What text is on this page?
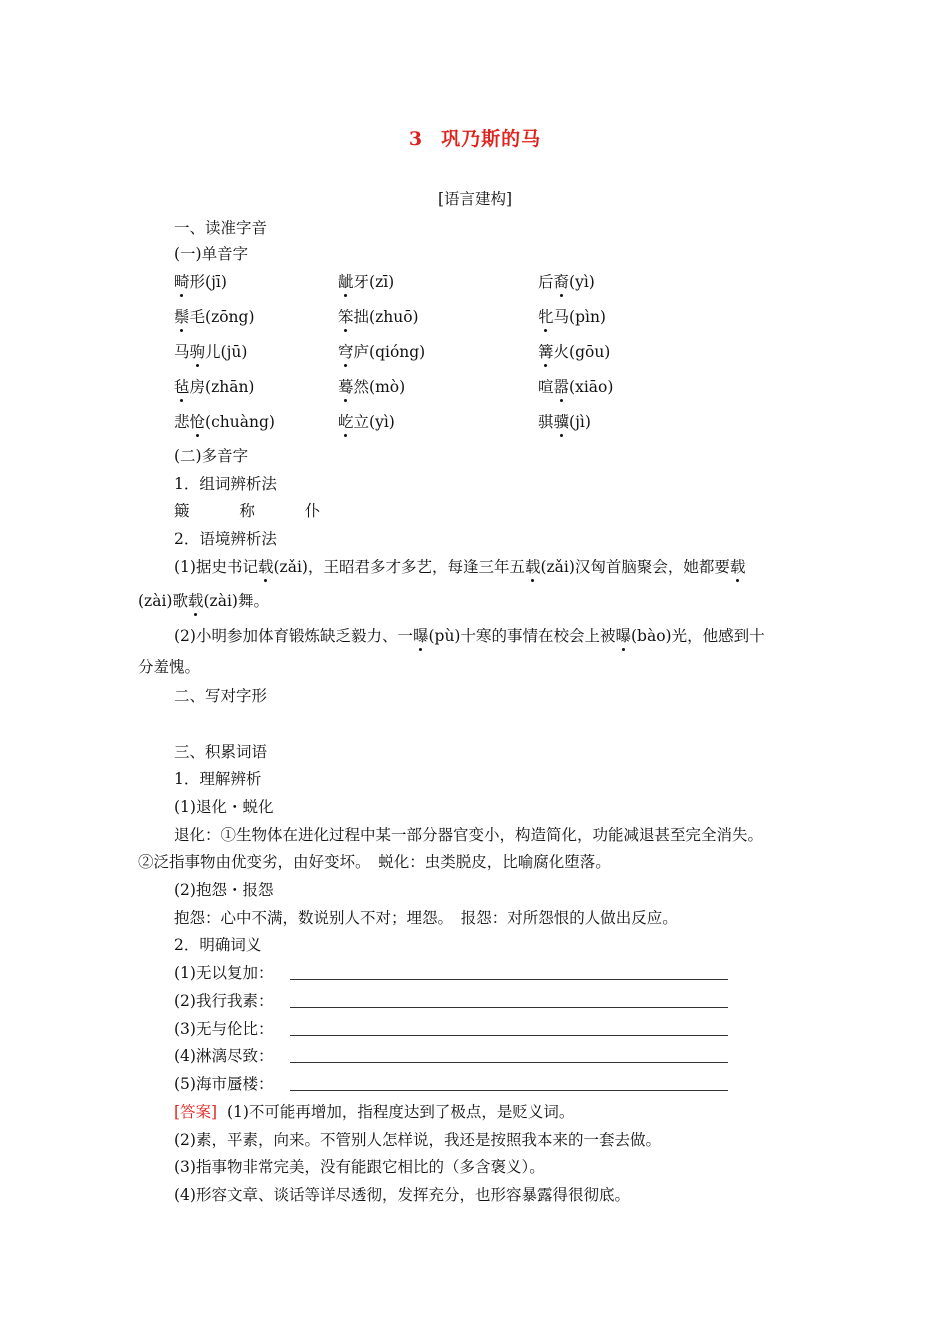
3 巩乃斯的马
[语言建构]
一、读准字音
(一)单音字
畸形(jī)	龇牙(zī)	后裔(yì)
鬃毛(zōng)	笨拙(zhuō)	牝马(pìn)
马驹儿(jū)	穹庐(qióng)	篝火(gōu)
毡房(zhān)	蓦然(mò)	喧嚣(xiāo)
悲怆(chuàng)	屹立(yì)	骐骥(jì)
(二)多音字
1．组词辨析法
簸	称	仆
2．语境辨析法
(1)据史书记载(zǎi)，王昭君多才多艺，每逢三年五载(zǎi)汉匈首脑聚会，她都要载
(zài)歌载(zài)舞。
(2)小明参加体育锻炼缺乏毅力、一曝(pù)十寒的事情在校会上被曝(bào)光，他感到十
分羞愧。
二、写对字形
三、积累词语
1．理解辨析
(1)退化・蜕化
退化：①生物体在进化过程中某一部分器官变小，构造简化，功能减退甚至完全消失。
②泛指事物由优变劣，由好变坏。　蜕化：虫类脱皮，比喻腐化堕落。
(2)抱怨・报怨
抱怨：心中不满，数说别人不对；埋怨。　报怨：对所怨恨的人做出反应。
2．明确词义
(1)无以复加：
(2)我行我素：
(3)无与伦比：
(4)淋漓尽致：
(5)海市蜃楼：
[答案] (1)不可能再增加，指程度达到了极点，是贬义词。
(2)素，平素，向来。不管别人怎样说，我还是按照我本来的一套去做。
(3)指事物非常完美，没有能跟它相比的（多含褒义）。
(4)形容文章、谈话等详尽透彻，发挥充分，也形容暴露得很彻底。
